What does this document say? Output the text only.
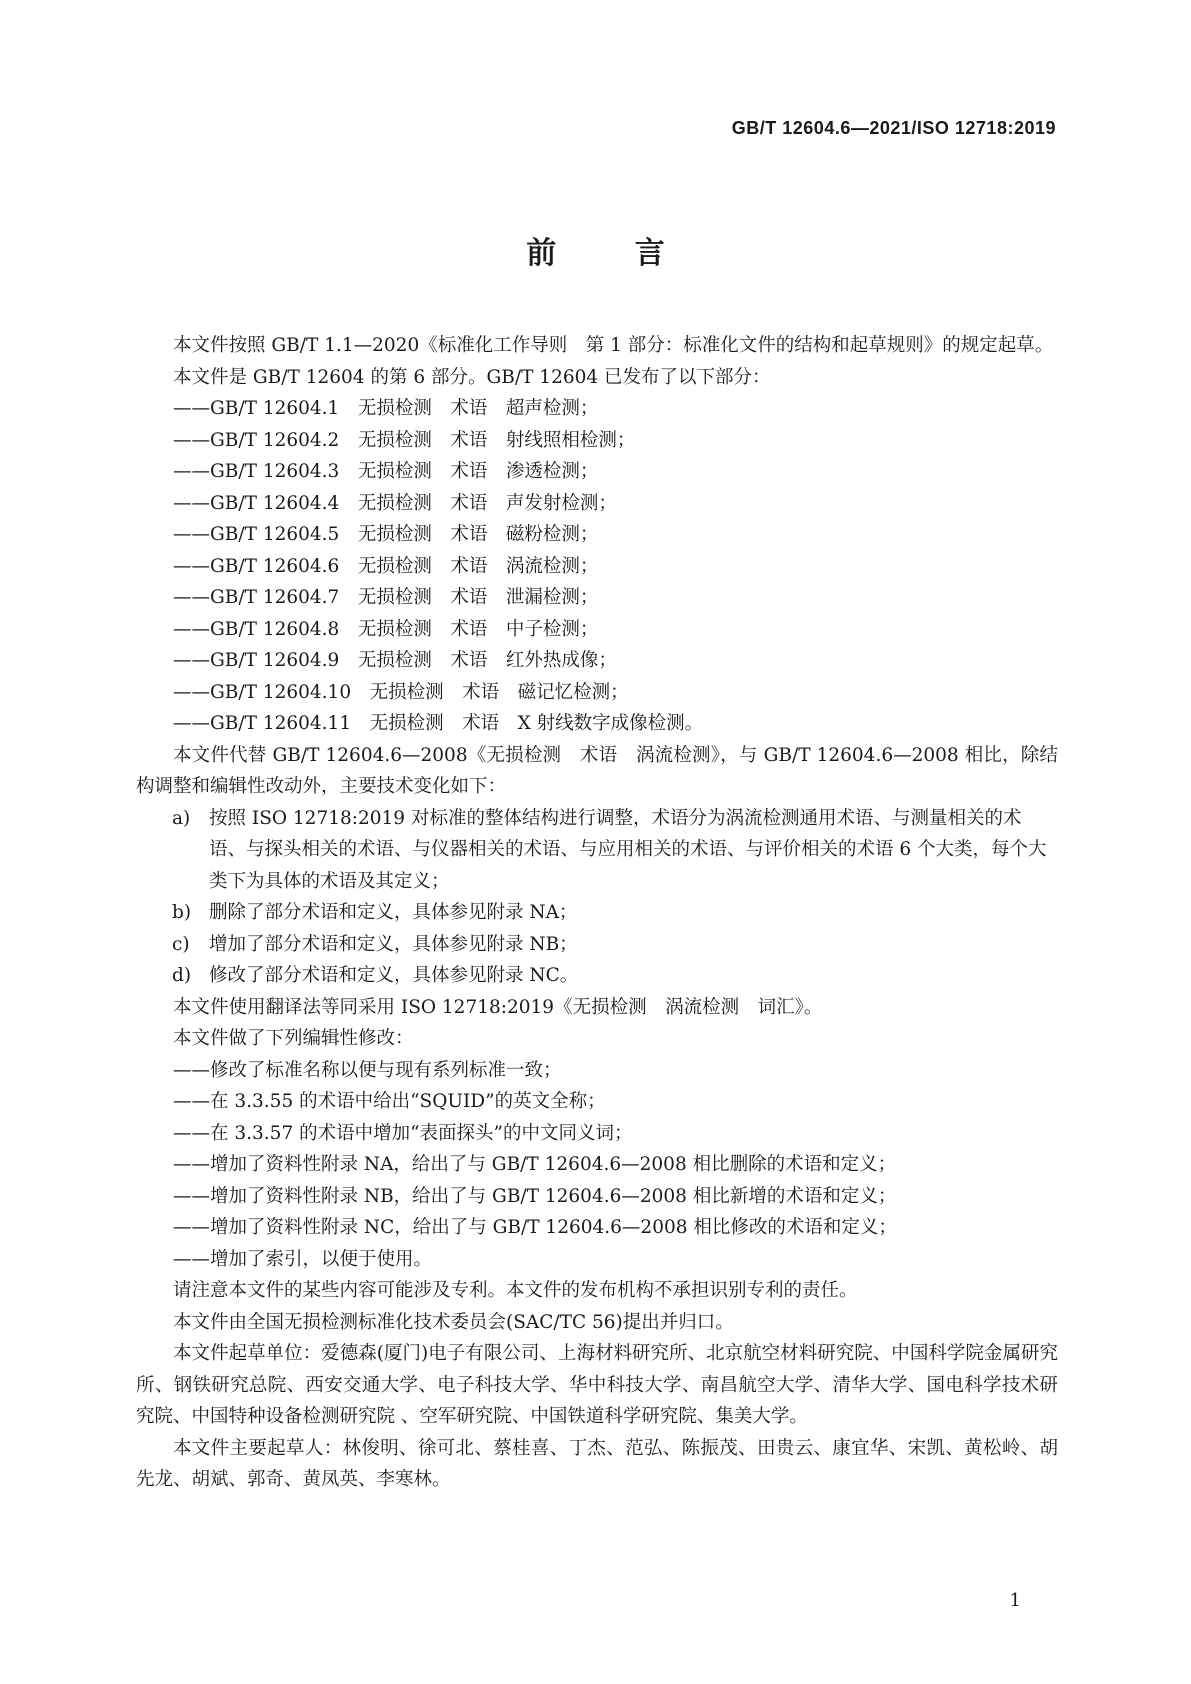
GB/T 12604.6—2021/ISO 12718:2019
前 言

本文件按照 GB/T 1.1—2020《标准化工作导则　第 1 部分：标准化文件的结构和起草规则》的规定起草。

本文件是 GB/T 12604 的第 6 部分。GB/T 12604 已发布了以下部分：

——GB/T 12604.1　无损检测　术语　超声检测；

——GB/T 12604.2　无损检测　术语　射线照相检测；

——GB/T 12604.3　无损检测　术语　渗透检测；

——GB/T 12604.4　无损检测　术语　声发射检测；

——GB/T 12604.5　无损检测　术语　磁粉检测；

——GB/T 12604.6　无损检测　术语　涡流检测；

——GB/T 12604.7　无损检测　术语　泄漏检测；

——GB/T 12604.8　无损检测　术语　中子检测；

——GB/T 12604.9　无损检测　术语　红外热成像；

——GB/T 12604.10　无损检测　术语　磁记忆检测；

——GB/T 12604.11　无损检测　术语　X 射线数字成像检测。

本文件代替 GB/T 12604.6—2008《无损检测　术语　涡流检测》，与 GB/T 12604.6—2008 相比，除结构调整和编辑性改动外，主要技术变化如下：

a) 按照 ISO 12718:2019 对标准的整体结构进行调整，术语分为涡流检测通用术语、与测量相关的术语、与探头相关的术语、与仪器相关的术语、与应用相关的术语、与评价相关的术语 6 个大类，每个大类下为具体的术语及其定义；

b) 删除了部分术语和定义，具体参见附录 NA；

c) 增加了部分术语和定义，具体参见附录 NB；

d) 修改了部分术语和定义，具体参见附录 NC。

本文件使用翻译法等同采用 ISO 12718:2019《无损检测　涡流检测　词汇》。

本文件做了下列编辑性修改：

——修改了标准名称以便与现有系列标准一致；

——在 3.3.55 的术语中给出“SQUID”的英文全称；

——在 3.3.57 的术语中增加“表面探头”的中文同义词；

——增加了资料性附录 NA，给出了与 GB/T 12604.6—2008 相比删除的术语和定义；

——增加了资料性附录 NB，给出了与 GB/T 12604.6—2008 相比新增的术语和定义；

——增加了资料性附录 NC，给出了与 GB/T 12604.6—2008 相比修改的术语和定义；

——增加了索引，以便于使用。

请注意本文件的某些内容可能涉及专利。本文件的发布机构不承担识别专利的责任。

本文件由全国无损检测标准化技术委员会(SAC/TC 56)提出并归口。

本文件起草单位：爱德森(厦门)电子有限公司、上海材料研究所、北京航空材料研究院、中国科学院金属研究所、钢铁研究总院、西安交通大学、电子科技大学、华中科技大学、南昌航空大学、清华大学、国电科学技术研究院、中国特种设备检测研究院 、空军研究院、中国铁道科学研究院、集美大学。

本文件主要起草人：林俊明、徐可北、蔡桂喜、丁杰、范弘、陈振茂、田贵云、康宜华、宋凯、黄松岭、胡先龙、胡斌、郭奇、黄凤英、李寒林。

1
